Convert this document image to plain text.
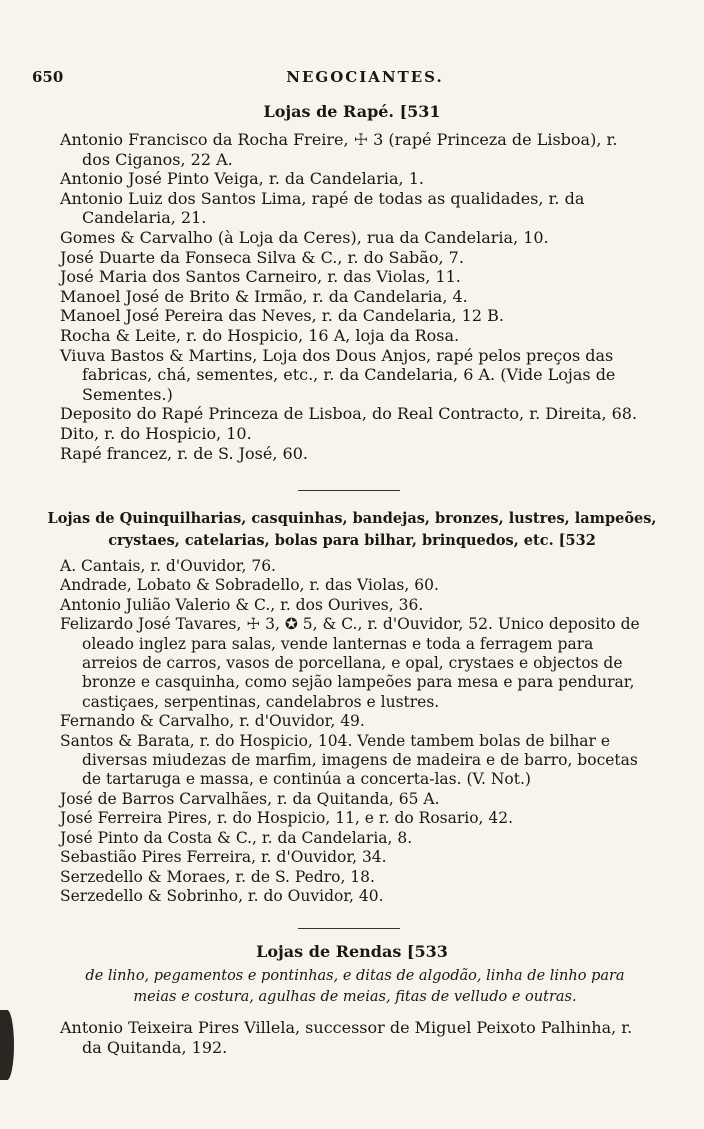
650	NEGOCIANTES.
Lojas de Rapé. [531

Antonio Francisco da Rocha Freire, ☩ 3 (rapé Princeza de Lisboa), r. dos Ciganos, 22 A.

Antonio José Pinto Veiga, r. da Candelaria, 1.

Antonio Luiz dos Santos Lima, rapé de todas as qualidades, r. da Candelaria, 21.

Gomes & Carvalho (à Loja da Ceres), rua da Candelaria, 10.

José Duarte da Fonseca Silva & C., r. do Sabão, 7.

José Maria dos Santos Carneiro, r. das Violas, 11.

Manoel José de Brito & Irmão, r. da Candelaria, 4.

Manoel José Pereira das Neves, r. da Candelaria, 12 B.

Rocha & Leite, r. do Hospicio, 16 A, loja da Rosa.

Viuva Bastos & Martins, Loja dos Dous Anjos, rapé pelos preços das fabricas, chá, sementes, etc., r. da Candelaria, 6 A. (Vide Lojas de Sementes.)

Deposito do Rapé Princeza de Lisboa, do Real Contracto, r. Direita, 68.

Dito, r. do Hospicio, 10.

Rapé francez, r. de S. José, 60.

Lojas de Quinquilharias, casquinhas, bandejas, bronzes, lustres, lampeões,
crystaes, catelarias, bolas para bilhar, brinquedos, etc. [532

A. Cantais, r. d'Ouvidor, 76.

Andrade, Lobato & Sobradello, r. das Violas, 60.

Antonio Julião Valerio & C., r. dos Ourives, 36.

Felizardo José Tavares, ☩ 3, ✪ 5, & C., r. d'Ouvidor, 52. Unico deposito de oleado inglez para salas, vende lanternas e toda a ferragem para arreios de carros, vasos de porcellana, e opal, crystaes e objectos de bronze e casquinha, como sejão lampeões para mesa e para pendurar, castiçaes, serpentinas, candelabros e lustres.

Fernando & Carvalho, r. d'Ouvidor, 49.

Santos & Barata, r. do Hospicio, 104. Vende tambem bolas de bilhar e diversas miudezas de marfim, imagens de madeira e de barro, bocetas de tartaruga e massa, e continúa a concerta-las. (V. Not.)

José de Barros Carvalhães, r. da Quitanda, 65 A.

José Ferreira Pires, r. do Hospicio, 11, e r. do Rosario, 42.

José Pinto da Costa & C., r. da Candelaria, 8.

Sebastião Pires Ferreira, r. d'Ouvidor, 34.

Serzedello & Moraes, r. de S. Pedro, 18.

Serzedello & Sobrinho, r. do Ouvidor, 40.

Lojas de Rendas [533
de linho, pegamentos e pontinhas, e ditas de algodão, linha de linho para
meias e costura, agulhas de meias, fitas de velludo e outras.

Antonio Teixeira Pires Villela, successor de Miguel Peixoto Palhinha, r. da Quitanda, 192.
